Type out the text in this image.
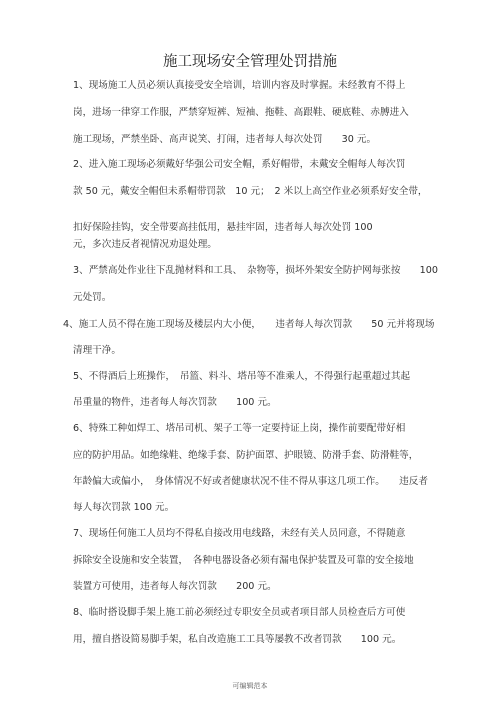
施工现场安全管理处罚措施
1、现场施工人员必须认真接受安全培训，培训内容及时掌握。未经教育不得上
岗，进场一律穿工作服，严禁穿短裤、短袖、拖鞋、高跟鞋、硬底鞋、赤膊进入
施工现场，严禁坐卧、高声说笑、打闹，违者每人每次处罚　　30 元。
2、进入施工现场必须戴好华强公司安全帽，系好帽带，未戴安全帽每人每次罚
款 50 元，戴安全帽但未系帽带罚款　10 元；　2 米以上高空作业必须系好安全带，
扣好保险挂钩，安全带要高挂低用，悬挂牢固，违者每人每次处罚 100
元，多次违反者视情况劝退处理。
3、严禁高处作业往下乱抛材料和工具、　杂物等，损坏外架安全防护网每张按　　100
元处罚。
4、施工人员不得在施工现场及楼层内大小便，　　违者每人每次罚款　　50 元并将现场
清理干净。
5、不得酒后上班操作，　吊篮、料斗、塔吊等不准乘人，不得强行起重超过其起
吊重量的物件，违者每人每次罚款　　100 元。
6、特殊工种如焊工、塔吊司机、架子工等一定要持证上岗，操作前要配带好相
应的防护用品。如绝缘鞋、绝缘手套、防护面罩、护眼镜、防滑手套、防滑鞋等，
年龄偏大或偏小，　身体情况不好或者健康状况不佳不得从事这几项工作。　　违反者
每人每次罚款 100 元。
7、现场任何施工人员均不得私自接改用电线路，未经有关人员同意，不得随意
拆除安全设施和安全装置，　各种电器设备必须有漏电保护装置及可靠的安全接地
装置方可使用，违者每人每次罚款　　200 元。
8、临时搭设脚手架上施工前必须经过专职安全员或者项目部人员检查后方可使
用，擅自搭设简易脚手架，私自改造施工工具等屡教不改者罚款　　100 元。
可编辑范本
